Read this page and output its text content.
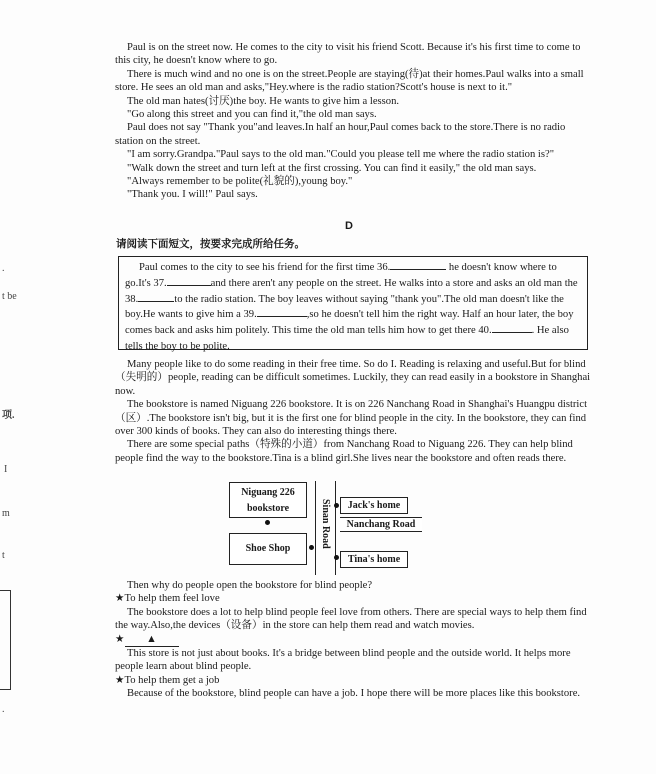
.
t be
项.
I
m
t
.

Paul is on the street now. He comes to the city to visit his friend Scott. Because it's his first time to come to this city, he doesn't know where to go.

There is much wind and no one is on the street.People are staying(待)at their homes.Paul walks into a small store. He sees an old man and asks,"Hey.where is the radio station?Scott's house is next to it."

The old man hates(讨厌)the boy. He wants to give him a lesson.

"Go along this street and you can find it,"the old man says.

Paul does not say "Thank you"and leaves.In half an hour,Paul comes back to the store.There is no radio station on the street.

"I am sorry.Grandpa."Paul says to the old man."Could you please tell me where the radio station is?"

"Walk down the street and turn left at the first crossing. You can find it easily," the old man says.

"Always remember to be polite(礼貌的),young boy."

"Thank you. I will!" Paul says.

D
请阅读下面短文，按要求完成所给任务。
Paul comes to the city to see his friend for the first time 36.	he doesn't know where to go.It's 37.	and there aren't any people on the street. He walks into a store and asks an old man the 38.	to the radio station. The boy leaves without saying "thank you".The old man doesn't like the boy.He wants to give him a 39.	,so he doesn't tell him the right way. Half an hour later, the boy comes back and asks him politely. This time the old man tells him how to get there 40.	. He also tells the boy to be polite.

Many people like to do some reading in their free time. So do I. Reading is relaxing and useful.But for blind（失明的）people, reading can be difficult sometimes. Luckily, they can read easily in a bookstore in Shanghai now.

The bookstore is named Niguang 226 bookstore. It is on 226 Nanchang Road in Shanghai's Huangpu district（区）.The bookstore isn't big, but it is the first one for blind people in the city. In the bookstore, they can find over 300 kinds of books. They can also do interesting things there.

There are some special paths（特殊的小道）from Nanchang Road to Niguang 226. They can help blind people find the way to the bookstore.Tina is a blind girl.She lives near the bookstore and often reads there.

Niguang 226
bookstore
Shoe Shop	Sinan Road	Jack's home
Nanchang Road
Tina's home

Then why do people open the bookstore for blind people?

★To help them feel love

The bookstore does a lot to help blind people feel love from others. There are special ways to help them find the way.Also,the devices（设备）in the store can help them read and watch movies.

★ ▲

This store is not just about books. It's a bridge between blind people and the outside world. It helps more people learn about blind people.

★To help them get a job

Because of the bookstore, blind people can have a job. I hope there will be more places like this bookstore.
